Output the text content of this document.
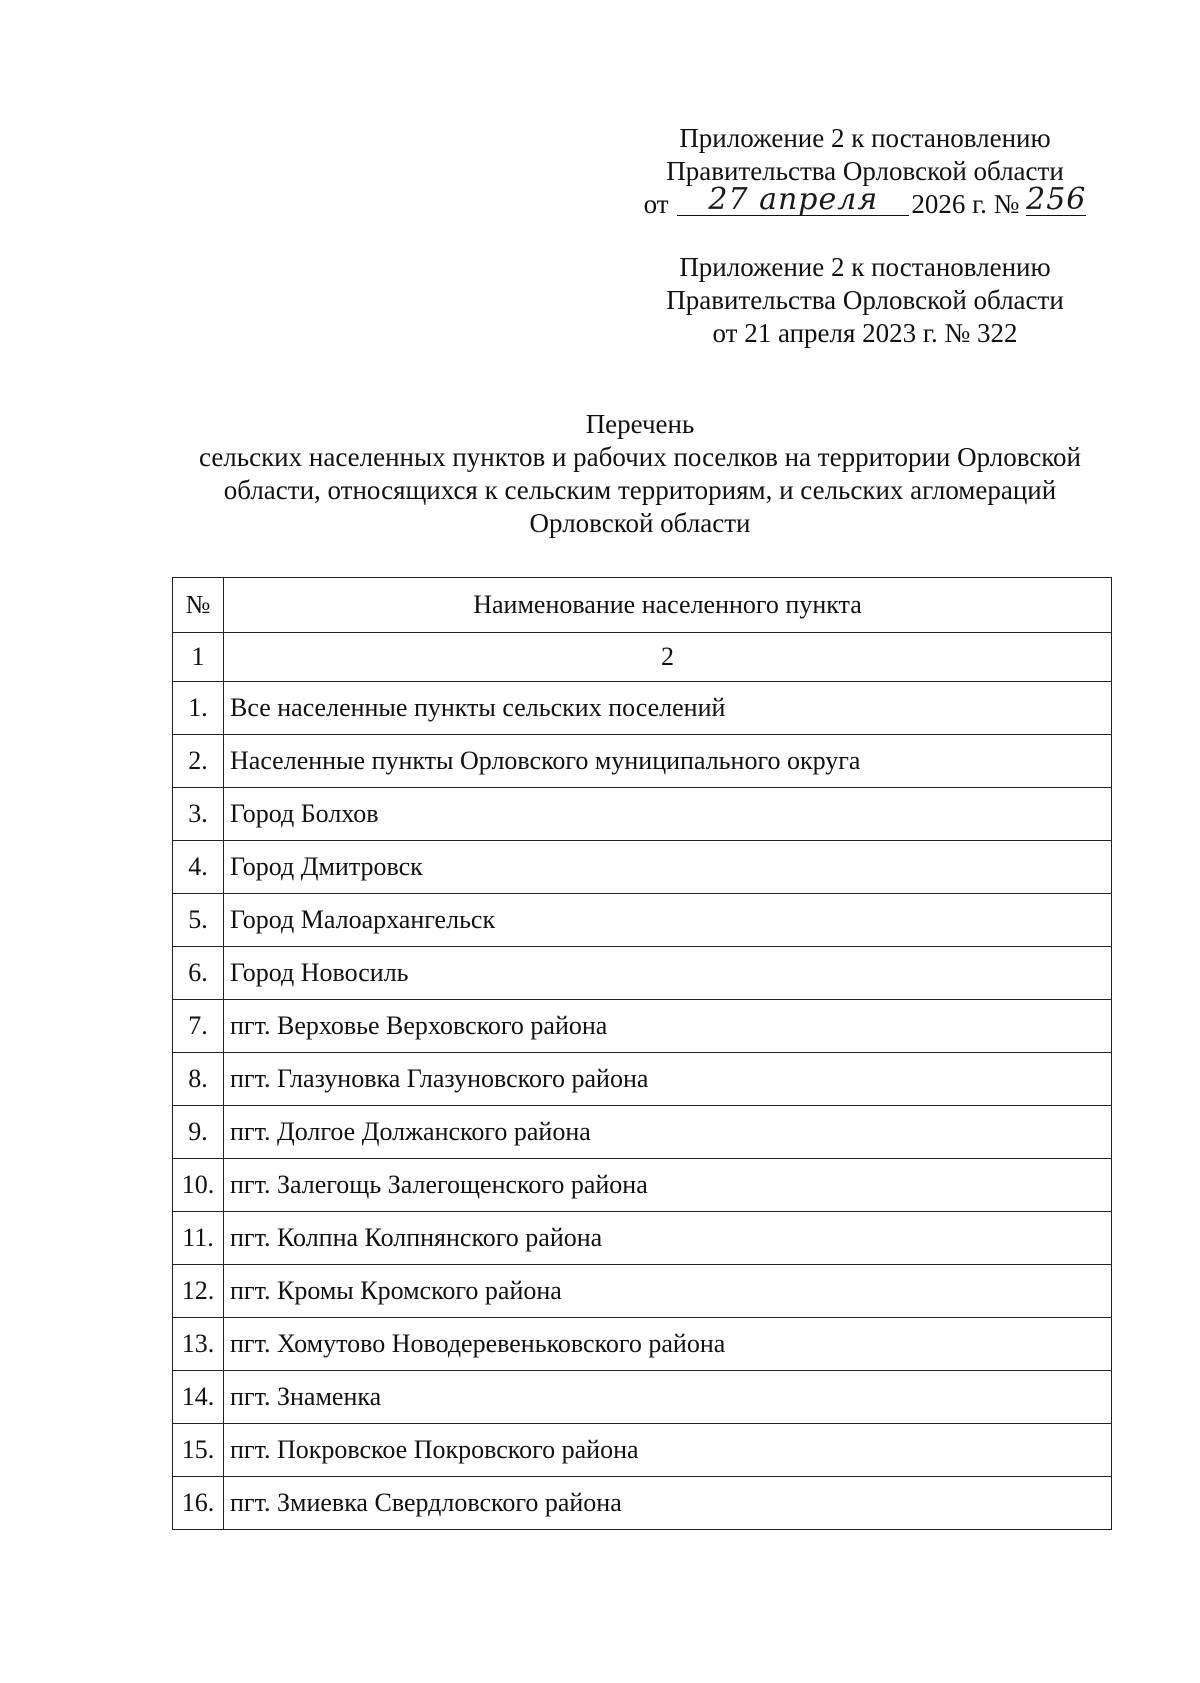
Приложение 2 к постановлению
Правительства Орловской области
от 27 апреля 2026 г. № 256
Приложение 2 к постановлению
Правительства Орловской области
от 21 апреля 2023 г. № 322
Перечень
сельских населенных пунктов и рабочих поселков на территории Орловской
области, относящихся к сельским территориям, и сельских агломераций
Орловской области
№	Наименование населенного пункта
1	2
1.	Все населенные пункты сельских поселений
2.	Населенные пункты Орловского муниципального округа
3.	Город Болхов
4.	Город Дмитровск
5.	Город Малоархангельск
6.	Город Новосиль
7.	пгт. Верховье Верховского района
8.	пгт. Глазуновка Глазуновского района
9.	пгт. Долгое Должанского района
10.	пгт. Залегощь Залегощенского района
11.	пгт. Колпна Колпнянского района
12.	пгт. Кромы Кромского района
13.	пгт. Хомутово Новодеревеньковского района
14.	пгт. Знаменка
15.	пгт. Покровское Покровского района
16.	пгт. Змиевка Свердловского района
